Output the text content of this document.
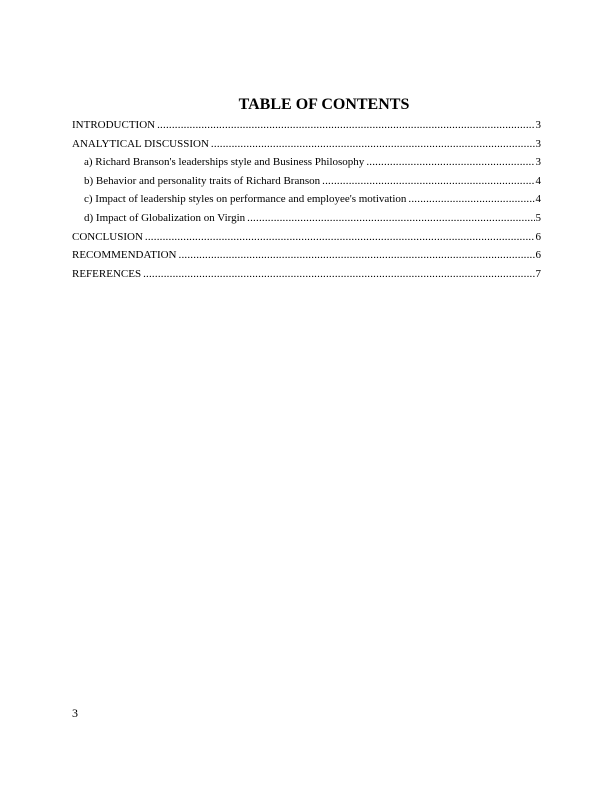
TABLE OF CONTENTS
INTRODUCTION .....	3
ANALYTICAL DISCUSSION .....	3
a) Richard Branson's leaderships style and Business Philosophy .....	3
b) Behavior and personality traits of Richard Branson .....	4
c) Impact of leadership styles on performance and employee's motivation .....	4
d) Impact of Globalization on Virgin .....	5
CONCLUSION .....	6
RECOMMENDATION .....	6
REFERENCES .....	7
3
